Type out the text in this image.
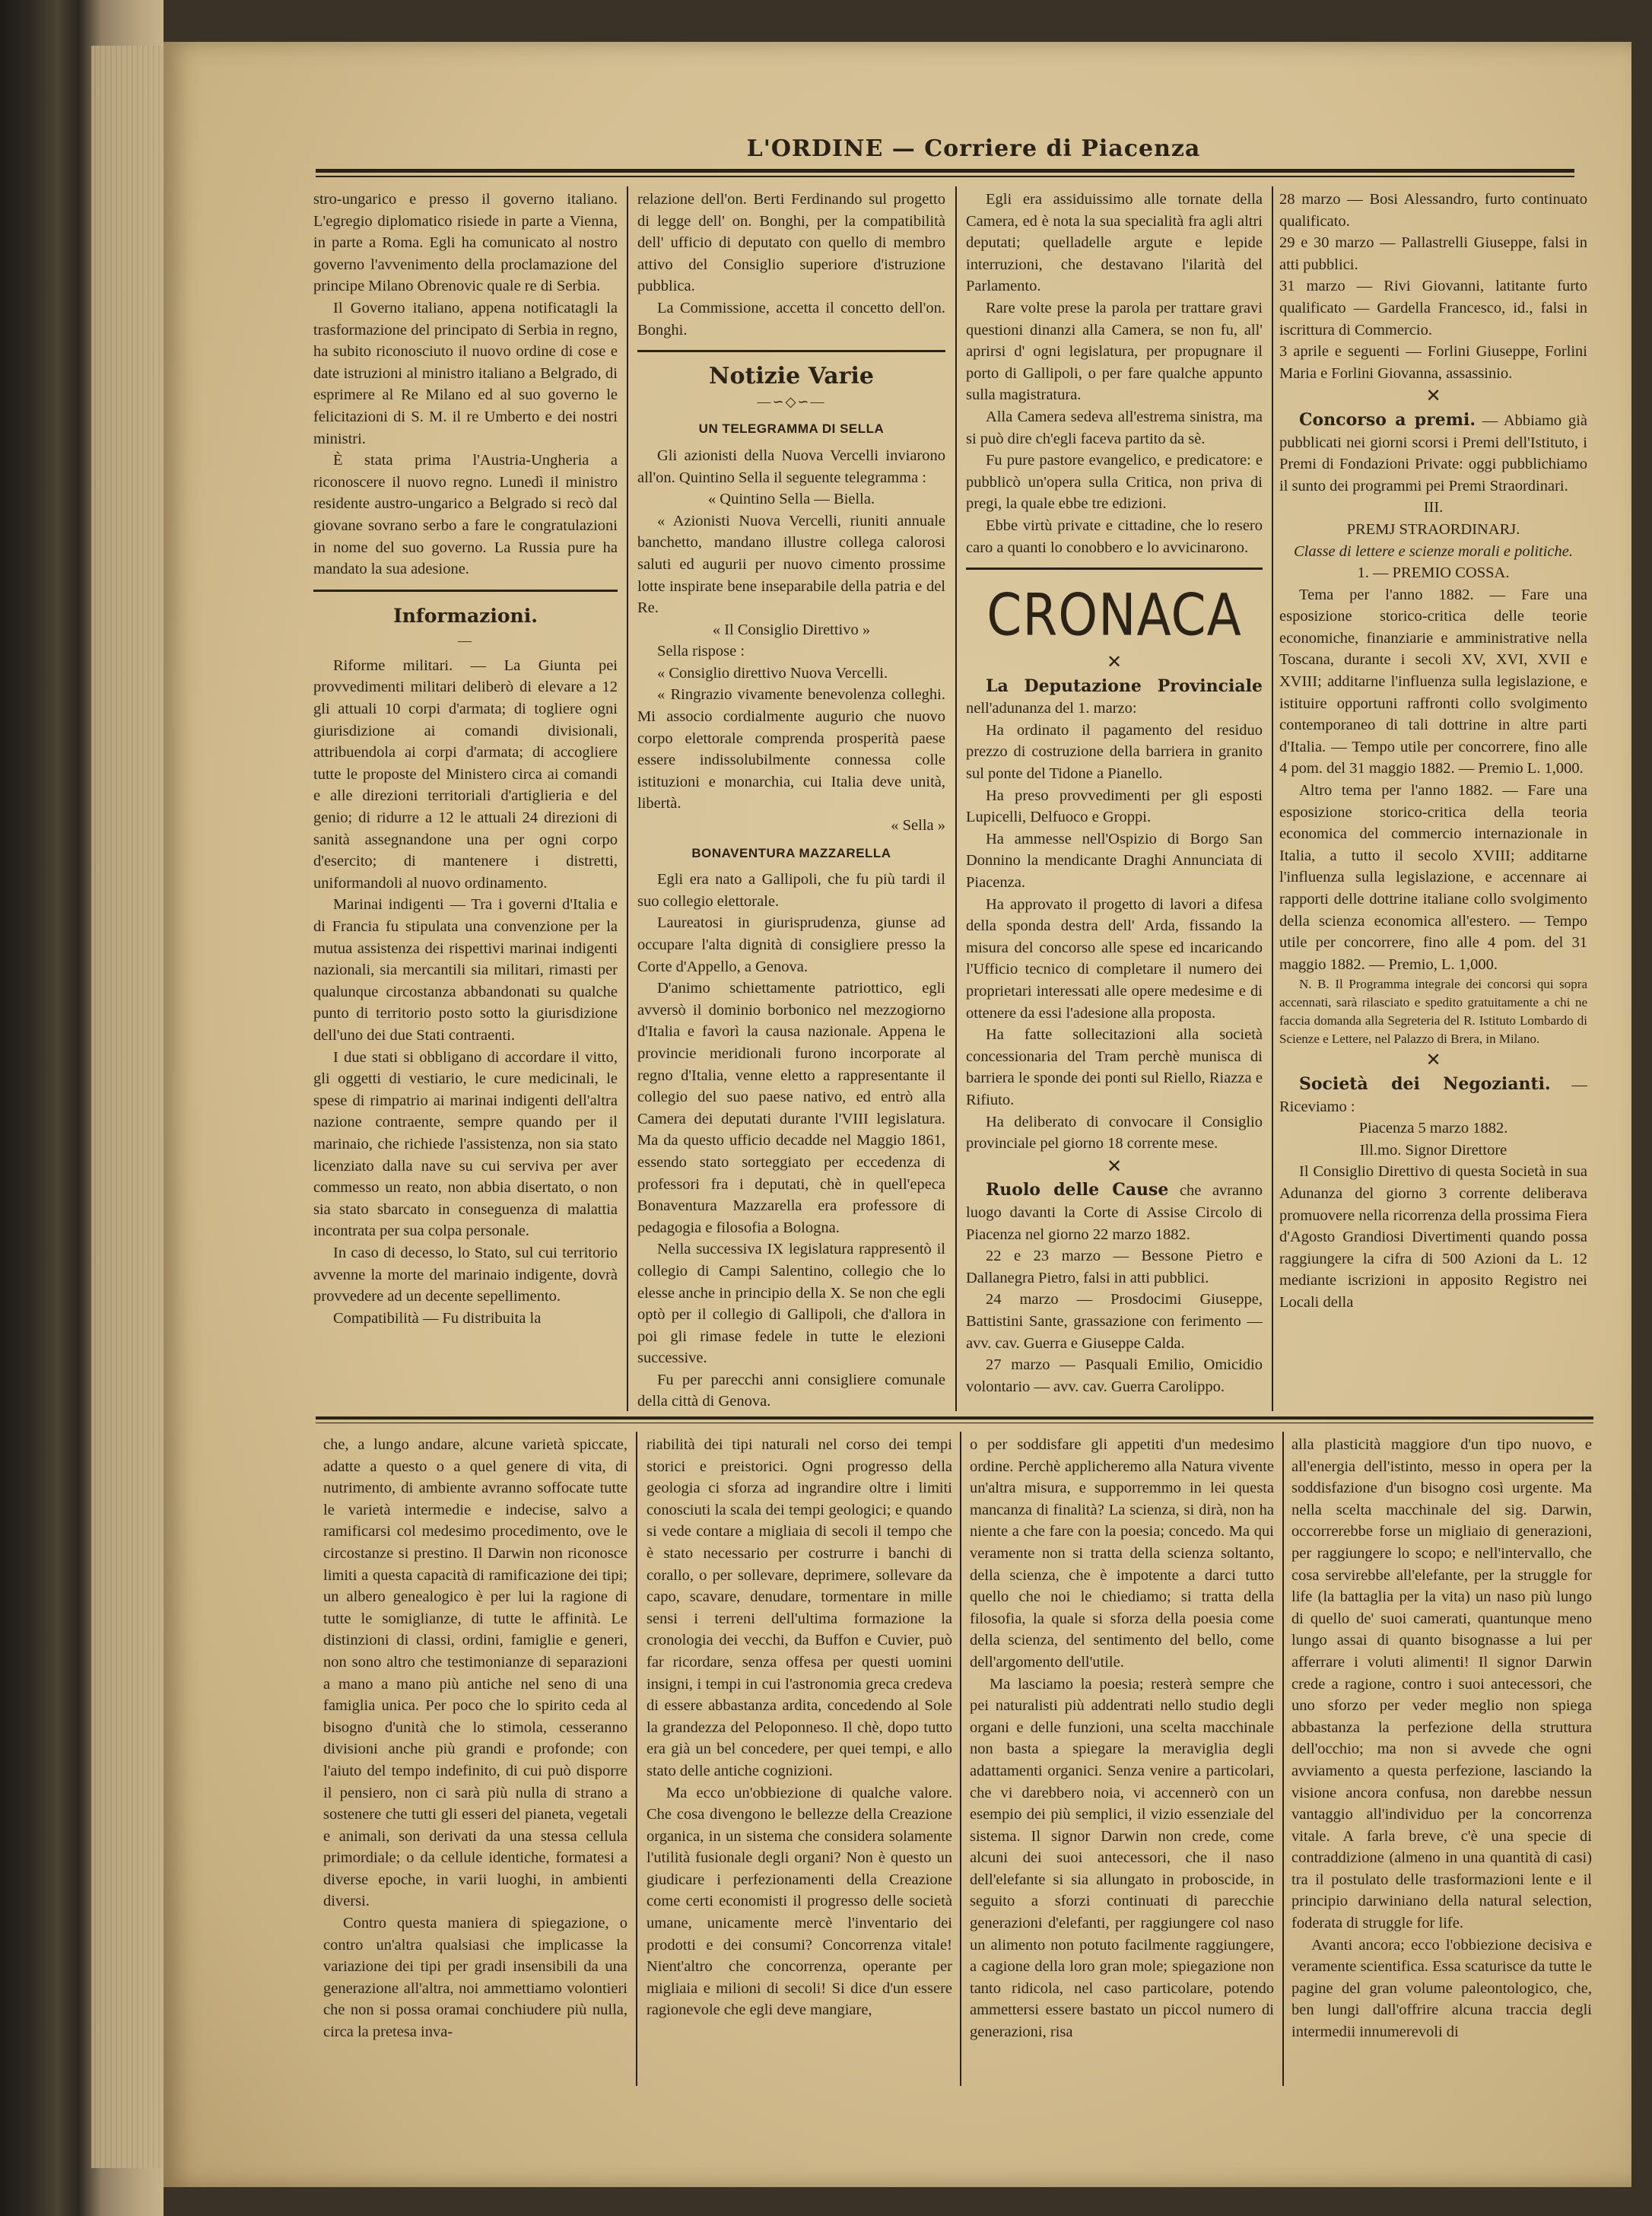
L'ORDINE — Corriere di Piacenza

stro-ungarico e presso il governo italiano. L'egregio diplomatico risiede in parte a Vienna, in parte a Roma. Egli ha comunicato al nostro governo l'avvenimento della proclamazione del principe Milano Obrenovic quale re di Serbia.

Il Governo italiano, appena notificatagli la trasformazione del principato di Serbia in regno, ha subito riconosciuto il nuovo ordine di cose e date istruzioni al ministro italiano a Belgrado, di esprimere al Re Milano ed al suo governo le felicitazioni di S. M. il re Umberto e dei nostri ministri.

È stata prima l'Austria-Ungheria a riconoscere il nuovo regno. Lunedì il ministro residente austro-ungarico a Belgrado si recò dal giovane sovrano serbo a fare le congratulazioni in nome del suo governo. La Russia pure ha mandato la sua adesione.

Informazioni.
—

Riforme militari. — La Giunta pei provvedimenti militari deliberò di elevare a 12 gli attuali 10 corpi d'armata; di togliere ogni giurisdizione ai comandi divisionali, attribuendola ai corpi d'armata; di accogliere tutte le proposte del Ministero circa ai comandi e alle direzioni territoriali d'artiglieria e del genio; di ridurre a 12 le attuali 24 direzioni di sanità assegnandone una per ogni corpo d'esercito; di mantenere i distretti, uniformandoli al nuovo ordinamento.

Marinai indigenti — Tra i governi d'Italia e di Francia fu stipulata una convenzione per la mutua assistenza dei rispettivi marinai indigenti nazionali, sia mercantili sia militari, rimasti per qualunque circostanza abbandonati su qualche punto di territorio posto sotto la giurisdizione dell'uno dei due Stati contraenti.

I due stati si obbligano di accordare il vitto, gli oggetti di vestiario, le cure medicinali, le spese di rimpatrio ai marinai indigenti dell'altra nazione contraente, sempre quando per il marinaio, che richiede l'assistenza, non sia stato licenziato dalla nave su cui serviva per aver commesso un reato, non abbia disertato, o non sia stato sbarcato in conseguenza di malattia incontrata per sua colpa personale.

In caso di decesso, lo Stato, sul cui territorio avvenne la morte del marinaio indigente, dovrà provvedere ad un decente sepellimento.

Compatibilità — Fu distribuita la

relazione dell'on. Berti Ferdinando sul progetto di legge dell' on. Bonghi, per la compatibilità dell' ufficio di deputato con quello di membro attivo del Consiglio superiore d'istruzione pubblica.

La Commissione, accetta il concetto dell'on. Bonghi.

Notizie Varie
—∽◇∽—
UN TELEGRAMMA DI SELLA

Gli azionisti della Nuova Vercelli inviarono all'on. Quintino Sella il seguente telegramma :

« Quintino Sella — Biella.

« Azionisti Nuova Vercelli, riuniti annuale banchetto, mandano illustre collega calorosi saluti ed augurii per nuovo cimento prossime lotte inspirate bene inseparabile della patria e del Re.

« Il Consiglio Direttivo »

Sella rispose :

« Consiglio direttivo Nuova Vercelli.

« Ringrazio vivamente benevolenza colleghi. Mi associo cordialmente augurio che nuovo corpo elettorale comprenda prosperità paese essere indissolubilmente connessa colle istituzioni e monarchia, cui Italia deve unità, libertà.

« Sella »

BONAVENTURA MAZZARELLA

Egli era nato a Gallipoli, che fu più tardi il suo collegio elettorale.

Laureatosi in giurisprudenza, giunse ad occupare l'alta dignità di consigliere presso la Corte d'Appello, a Genova.

D'animo schiettamente patriottico, egli avversò il dominio borbonico nel mezzogiorno d'Italia e favorì la causa nazionale. Appena le provincie meridionali furono incorporate al regno d'Italia, venne eletto a rappresentante il collegio del suo paese nativo, ed entrò alla Camera dei deputati durante l'VIII legislatura. Ma da questo ufficio decadde nel Maggio 1861, essendo stato sorteggiato per eccedenza di professori fra i deputati, chè in quell'epeca Bonaventura Mazzarella era professore di pedagogia e filosofia a Bologna.

Nella successiva IX legislatura rappresentò il collegio di Campi Salentino, collegio che lo elesse anche in principio della X. Se non che egli optò per il collegio di Gallipoli, che d'allora in poi gli rimase fedele in tutte le elezioni successive.

Fu per parecchi anni consigliere comunale della città di Genova.

Egli era assiduissimo alle tornate della Camera, ed è nota la sua specialità fra agli altri deputati; quelladelle argute e lepide interruzioni, che destavano l'ilarità del Parlamento.

Rare volte prese la parola per trattare gravi questioni dinanzi alla Camera, se non fu, all' aprirsi d' ogni legislatura, per propugnare il porto di Gallipoli, o per fare qualche appunto sulla magistratura.

Alla Camera sedeva all'estrema sinistra, ma si può dire ch'egli faceva partito da sè.

Fu pure pastore evangelico, e predicatore: e pubblicò un'opera sulla Critica, non priva di pregi, la quale ebbe tre edizioni.

Ebbe virtù private e cittadine, che lo resero caro a quanti lo conobbero e lo avvicinarono.

CRONACA
✕

La Deputazione Provinciale nell'adunanza del 1. marzo:

Ha ordinato il pagamento del residuo prezzo di costruzione della barriera in granito sul ponte del Tidone a Pianello.

Ha preso provvedimenti per gli esposti Lupicelli, Delfuoco e Groppi.

Ha ammesse nell'Ospizio di Borgo San Donnino la mendicante Draghi Annunciata di Piacenza.

Ha approvato il progetto di lavori a difesa della sponda destra dell' Arda, fissando la misura del concorso alle spese ed incaricando l'Ufficio tecnico di completare il numero dei proprietari interessati alle opere medesime e di ottenere da essi l'adesione alla proposta.

Ha fatte sollecitazioni alla società concessionaria del Tram perchè munisca di barriera le sponde dei ponti sul Riello, Riazza e Rifiuto.

Ha deliberato di convocare il Consiglio provinciale pel giorno 18 corrente mese.

✕

Ruolo delle Cause che avranno luogo davanti la Corte di Assise Circolo di Piacenza nel giorno 22 marzo 1882.

22 e 23 marzo — Bessone Pietro e Dallanegra Pietro, falsi in atti pubblici.

24 marzo — Prosdocimi Giuseppe, Battistini Sante, grassazione con ferimento — avv. cav. Guerra e Giuseppe Calda.

27 marzo — Pasquali Emilio, Omicidio volontario — avv. cav. Guerra Carolippo.

28 marzo — Bosi Alessandro, furto continuato qualificato.

29 e 30 marzo — Pallastrelli Giuseppe, falsi in atti pubblici.

31 marzo — Rivi Giovanni, latitante furto qualificato — Gardella Francesco, id., falsi in iscrittura di Commercio.

3 aprile e seguenti — Forlini Giuseppe, Forlini Maria e Forlini Giovanna, assassinio.

✕

Concorso a premi. — Abbiamo già pubblicati nei giorni scorsi i Premi dell'Istituto, i Premi di Fondazioni Private: oggi pubblichiamo il sunto dei programmi pei Premi Straordinari.

III.

PREMJ STRAORDINARJ.

Classe di lettere e scienze morali e politiche.

1. — PREMIO COSSA.

Tema per l'anno 1882. — Fare una esposizione storico-critica delle teorie economiche, finanziarie e amministrative nella Toscana, durante i secoli XV, XVI, XVII e XVIII; additarne l'influenza sulla legislazione, e istituire opportuni raffronti collo svolgimento contemporaneo di tali dottrine in altre parti d'Italia. — Tempo utile per concorrere, fino alle 4 pom. del 31 maggio 1882. — Premio L. 1,000.

Altro tema per l'anno 1882. — Fare una esposizione storico-critica della teoria economica del commercio internazionale in Italia, a tutto il secolo XVIII; additarne l'influenza sulla legislazione, e accennare ai rapporti delle dottrine italiane collo svolgimento della scienza economica all'estero. — Tempo utile per concorrere, fino alle 4 pom. del 31 maggio 1882. — Premio, L. 1,000.

N. B. Il Programma integrale dei concorsi qui sopra accennati, sarà rilasciato e spedito gratuitamente a chi ne faccia domanda alla Segreteria del R. Istituto Lombardo di Scienze e Lettere, nel Palazzo di Brera, in Milano.

✕

Società dei Negozianti. — Riceviamo :

Piacenza 5 marzo 1882.

Ill.mo. Signor Direttore

Il Consiglio Direttivo di questa Società in sua Adunanza del giorno 3 corrente deliberava promuovere nella ricorrenza della prossima Fiera d'Agosto Grandiosi Divertimenti quando possa raggiungere la cifra di 500 Azioni da L. 12 mediante iscrizioni in apposito Registro nei Locali della

che, a lungo andare, alcune varietà spiccate, adatte a questo o a quel genere di vita, di nutrimento, di ambiente avranno soffocate tutte le varietà intermedie e indecise, salvo a ramificarsi col medesimo procedimento, ove le circostanze si prestino. Il Darwin non riconosce limiti a questa capacità di ramificazione dei tipi; un albero genealogico è per lui la ragione di tutte le somiglianze, di tutte le affinità. Le distinzioni di classi, ordini, famiglie e generi, non sono altro che testimonianze di separazioni a mano a mano più antiche nel seno di una famiglia unica. Per poco che lo spirito ceda al bisogno d'unità che lo stimola, cesseranno divisioni anche più grandi e profonde; con l'aiuto del tempo indefinito, di cui può disporre il pensiero, non ci sarà più nulla di strano a sostenere che tutti gli esseri del pianeta, vegetali e animali, son derivati da una stessa cellula primordiale; o da cellule identiche, formatesi a diverse epoche, in varii luoghi, in ambienti diversi.

Contro questa maniera di spiegazione, o contro un'altra qualsiasi che implicasse la variazione dei tipi per gradi insensibili da una generazione all'altra, noi ammettiamo volontieri che non si possa oramai conchiudere più nulla, circa la pretesa inva-

riabilità dei tipi naturali nel corso dei tempi storici e preistorici. Ogni progresso della geologia ci sforza ad ingrandire oltre i limiti conosciuti la scala dei tempi geologici; e quando si vede contare a migliaia di secoli il tempo che è stato necessario per costrurre i banchi di corallo, o per sollevare, deprimere, sollevare da capo, scavare, denudare, tormentare in mille sensi i terreni dell'ultima formazione la cronologia dei vecchi, da Buffon e Cuvier, può far ricordare, senza offesa per questi uomini insigni, i tempi in cui l'astronomia greca credeva di essere abbastanza ardita, concedendo al Sole la grandezza del Peloponneso. Il chè, dopo tutto era già un bel concedere, per quei tempi, e allo stato delle antiche cognizioni.

Ma ecco un'obbiezione di qualche valore. Che cosa divengono le bellezze della Creazione organica, in un sistema che considera solamente l'utilità fusionale degli organi? Non è questo un giudicare i perfezionamenti della Creazione come certi economisti il progresso delle società umane, unicamente mercè l'inventario dei prodotti e dei consumi? Concorrenza vitale! Nient'altro che concorrenza, operante per migliaia e milioni di secoli! Si dice d'un essere ragionevole che egli deve mangiare,

o per soddisfare gli appetiti d'un medesimo ordine. Perchè applicheremo alla Natura vivente un'altra misura, e supporremmo in lei questa mancanza di finalità? La scienza, si dirà, non ha niente a che fare con la poesia; concedo. Ma qui veramente non si tratta della scienza soltanto, della scienza, che è impotente a darci tutto quello che noi le chiediamo; si tratta della filosofia, la quale si sforza della poesia come della scienza, del sentimento del bello, come dell'argomento dell'utile.

Ma lasciamo la poesia; resterà sempre che pei naturalisti più addentrati nello studio degli organi e delle funzioni, una scelta macchinale non basta a spiegare la meraviglia degli adattamenti organici. Senza venire a particolari, che vi darebbero noia, vi accennerò con un esempio dei più semplici, il vizio essenziale del sistema. Il signor Darwin non crede, come alcuni dei suoi antecessori, che il naso dell'elefante si sia allungato in proboscide, in seguito a sforzi continuati di parecchie generazioni d'elefanti, per raggiungere col naso un alimento non potuto facilmente raggiungere, a cagione della loro gran mole; spiegazione non tanto ridicola, nel caso particolare, potendo ammettersi essere bastato un piccol numero di generazioni, risa

alla plasticità maggiore d'un tipo nuovo, e all'energia dell'istinto, messo in opera per la soddisfazione d'un bisogno così urgente. Ma nella scelta macchinale del sig. Darwin, occorrerebbe forse un migliaio di generazioni, per raggiungere lo scopo; e nell'intervallo, che cosa servirebbe all'elefante, per la struggle for life (la battaglia per la vita) un naso più lungo di quello de' suoi camerati, quantunque meno lungo assai di quanto bisognasse a lui per afferrare i voluti alimenti! Il signor Darwin crede a ragione, contro i suoi antecessori, che uno sforzo per veder meglio non spiega abbastanza la perfezione della struttura dell'occhio; ma non si avvede che ogni avviamento a questa perfezione, lasciando la visione ancora confusa, non darebbe nessun vantaggio all'individuo per la concorrenza vitale. A farla breve, c'è una specie di contraddizione (almeno in una quantità di casi) tra il postulato delle trasformazioni lente e il principio darwiniano della natural selection, foderata di struggle for life.

Avanti ancora; ecco l'obbiezione decisiva e veramente scientifica. Essa scaturisce da tutte le pagine del gran volume paleontologico, che, ben lungi dall'offrire alcuna traccia degli intermedii innumerevoli di
